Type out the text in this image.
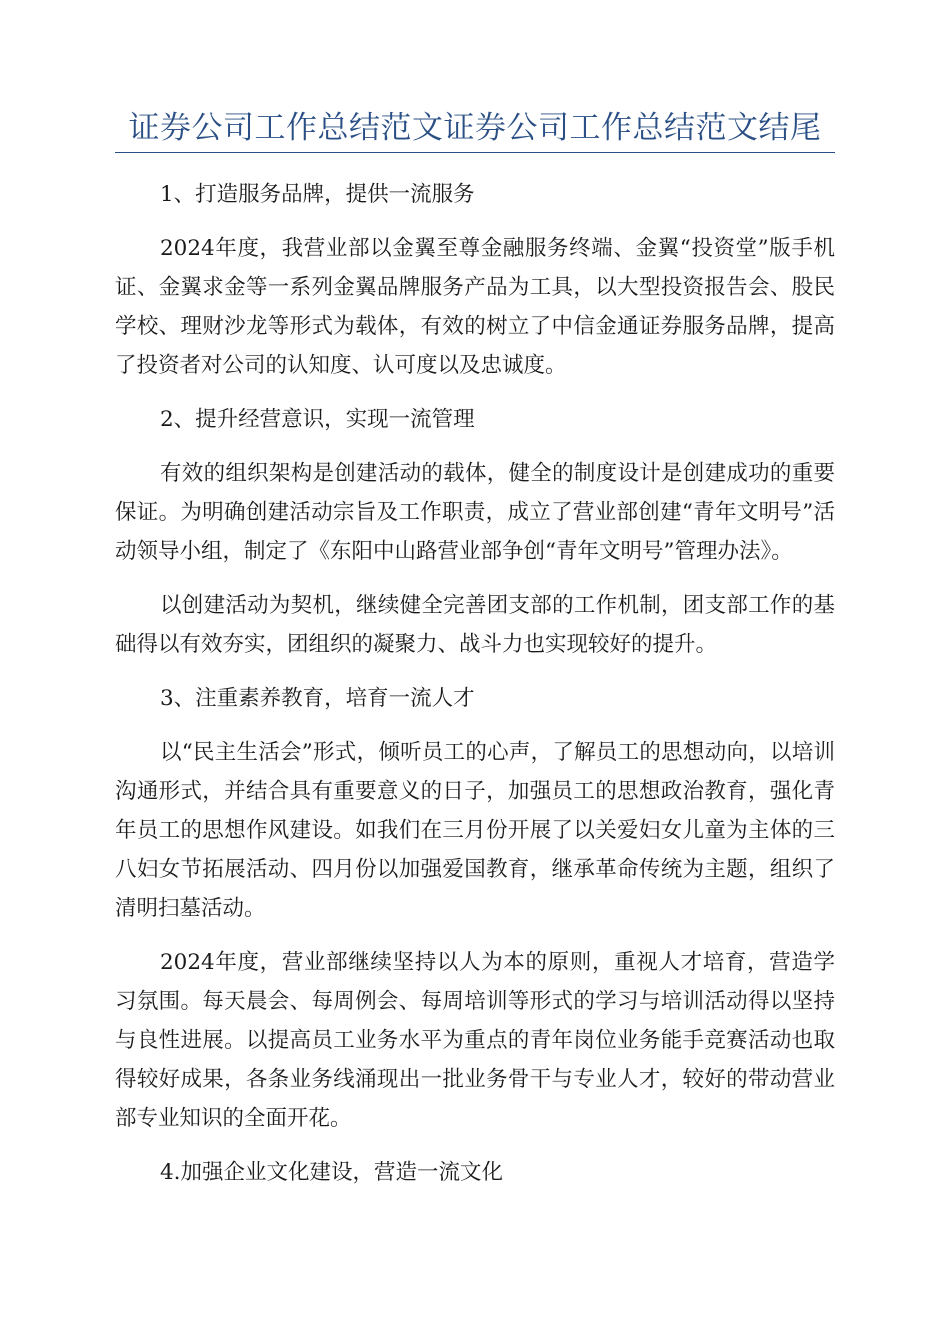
证券公司工作总结范文证券公司工作总结范文结尾

1、打造服务品牌，提供一流服务

2024年度，我营业部以金翼至尊金融服务终端、金翼“投资堂”版手机证、金翼求金等一系列金翼品牌服务产品为工具，以大型投资报告会、股民学校、理财沙龙等形式为载体，有效的树立了中信金通证券服务品牌，提高了投资者对公司的认知度、认可度以及忠诚度。

2、提升经营意识，实现一流管理

有效的组织架构是创建活动的载体，健全的制度设计是创建成功的重要保证。为明确创建活动宗旨及工作职责，成立了营业部创建“青年文明号”活动领导小组，制定了《东阳中山路营业部争创“青年文明号”管理办法》。

以创建活动为契机，继续健全完善团支部的工作机制，团支部工作的基础得以有效夯实，团组织的凝聚力、战斗力也实现较好的提升。

3、注重素养教育，培育一流人才

以“民主生活会”形式，倾听员工的心声，了解员工的思想动向，以培训沟通形式，并结合具有重要意义的日子，加强员工的思想政治教育，强化青年员工的思想作风建设。如我们在三月份开展了以关爱妇女儿童为主体的三八妇女节拓展活动、四月份以加强爱国教育，继承革命传统为主题，组织了清明扫墓活动。

2024年度，营业部继续坚持以人为本的原则，重视人才培育，营造学习氛围。每天晨会、每周例会、每周培训等形式的学习与培训活动得以坚持与良性进展。以提高员工业务水平为重点的青年岗位业务能手竞赛活动也取得较好成果，各条业务线涌现出一批业务骨干与专业人才，较好的带动营业部专业知识的全面开花。

4.加强企业文化建设，营造一流文化
